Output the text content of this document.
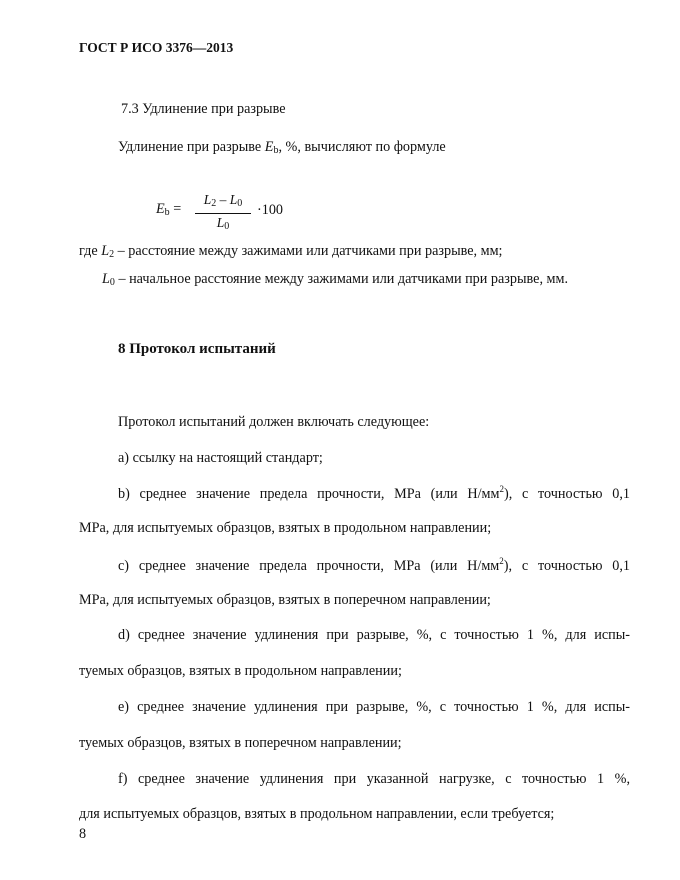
ГОСТ Р ИСО 3376—2013
7.3 Удлинение при разрыве
Удлинение при разрыве $E_b$, %, вычисляют по формуле
$E_b$ =
$L_2 - L_0$
$L_0$
·100
где $L_2$ – расстояние между зажимами или датчиками при разрыве, мм;
$L_0$ – начальное расстояние между зажимами или датчиками при разрыве, мм.
8 Протокол испытаний
Протокол испытаний должен включать следующее:
а) ссылку на настоящий стандарт;
b) среднее значение предела прочности, МРа (или $Н/мм^2$), с точностью 0,1
МРа, для испытуемых образцов, взятых в продольном направлении;
c) среднее значение предела прочности, МРа (или $Н/мм^2$), с точностью 0,1
МРа, для испытуемых образцов, взятых в поперечном направлении;
d) среднее значение удлинения при разрыве, %, с точностью 1 %, для испы-
туемых образцов, взятых в продольном направлении;
e) среднее значение удлинения при разрыве, %, с точностью 1 %, для испы-
туемых образцов, взятых в поперечном направлении;
f) среднее значение удлинения при указанной нагрузке, с точностью 1 %,
для испытуемых образцов, взятых в продольном направлении, если требуется;
8
